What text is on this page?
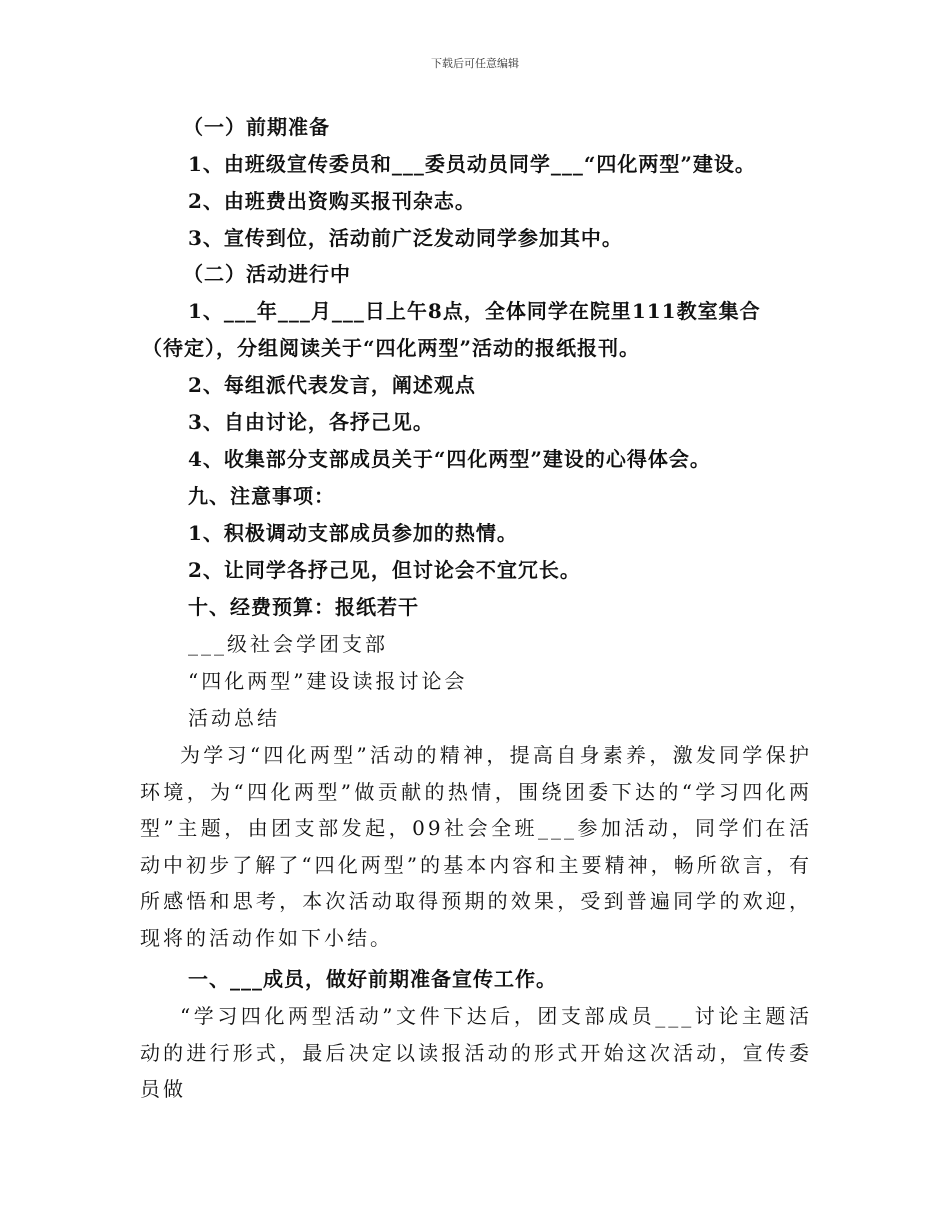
下载后可任意编辑
（一）前期准备
1、由班级宣传委员和___委员动员同学___“四化两型”建设。
2、由班费出资购买报刊杂志。
3、宣传到位，活动前广泛发动同学参加其中。
（二）活动进行中
1、___年___月___日上午8点，全体同学在院里111教室集合
（待定），分组阅读关于“四化两型”活动的报纸报刊。
2、每组派代表发言，阐述观点
3、自由讨论，各抒己见。
4、收集部分支部成员关于“四化两型”建设的心得体会。
九、注意事项：
1、积极调动支部成员参加的热情。
2、让同学各抒己见，但讨论会不宜冗长。
十、经费预算：报纸若干
___级社会学团支部
“四化两型”建设读报讨论会
活动总结
为学习“四化两型”活动的精神，提高自身素养，激发同学保护环境，为“四化两型”做贡献的热情，围绕团委下达的“学习四化两型”主题，由团支部发起，09社会全班___参加活动，同学们在活动中初步了解了“四化两型”的基本内容和主要精神，畅所欲言，有所感悟和思考，本次活动取得预期的效果，受到普遍同学的欢迎，现将的活动作如下小结。
一、___成员，做好前期准备宣传工作。
“学习四化两型活动”文件下达后，团支部成员___讨论主题活动的进行形式，最后决定以读报活动的形式开始这次活动，宣传委员做
